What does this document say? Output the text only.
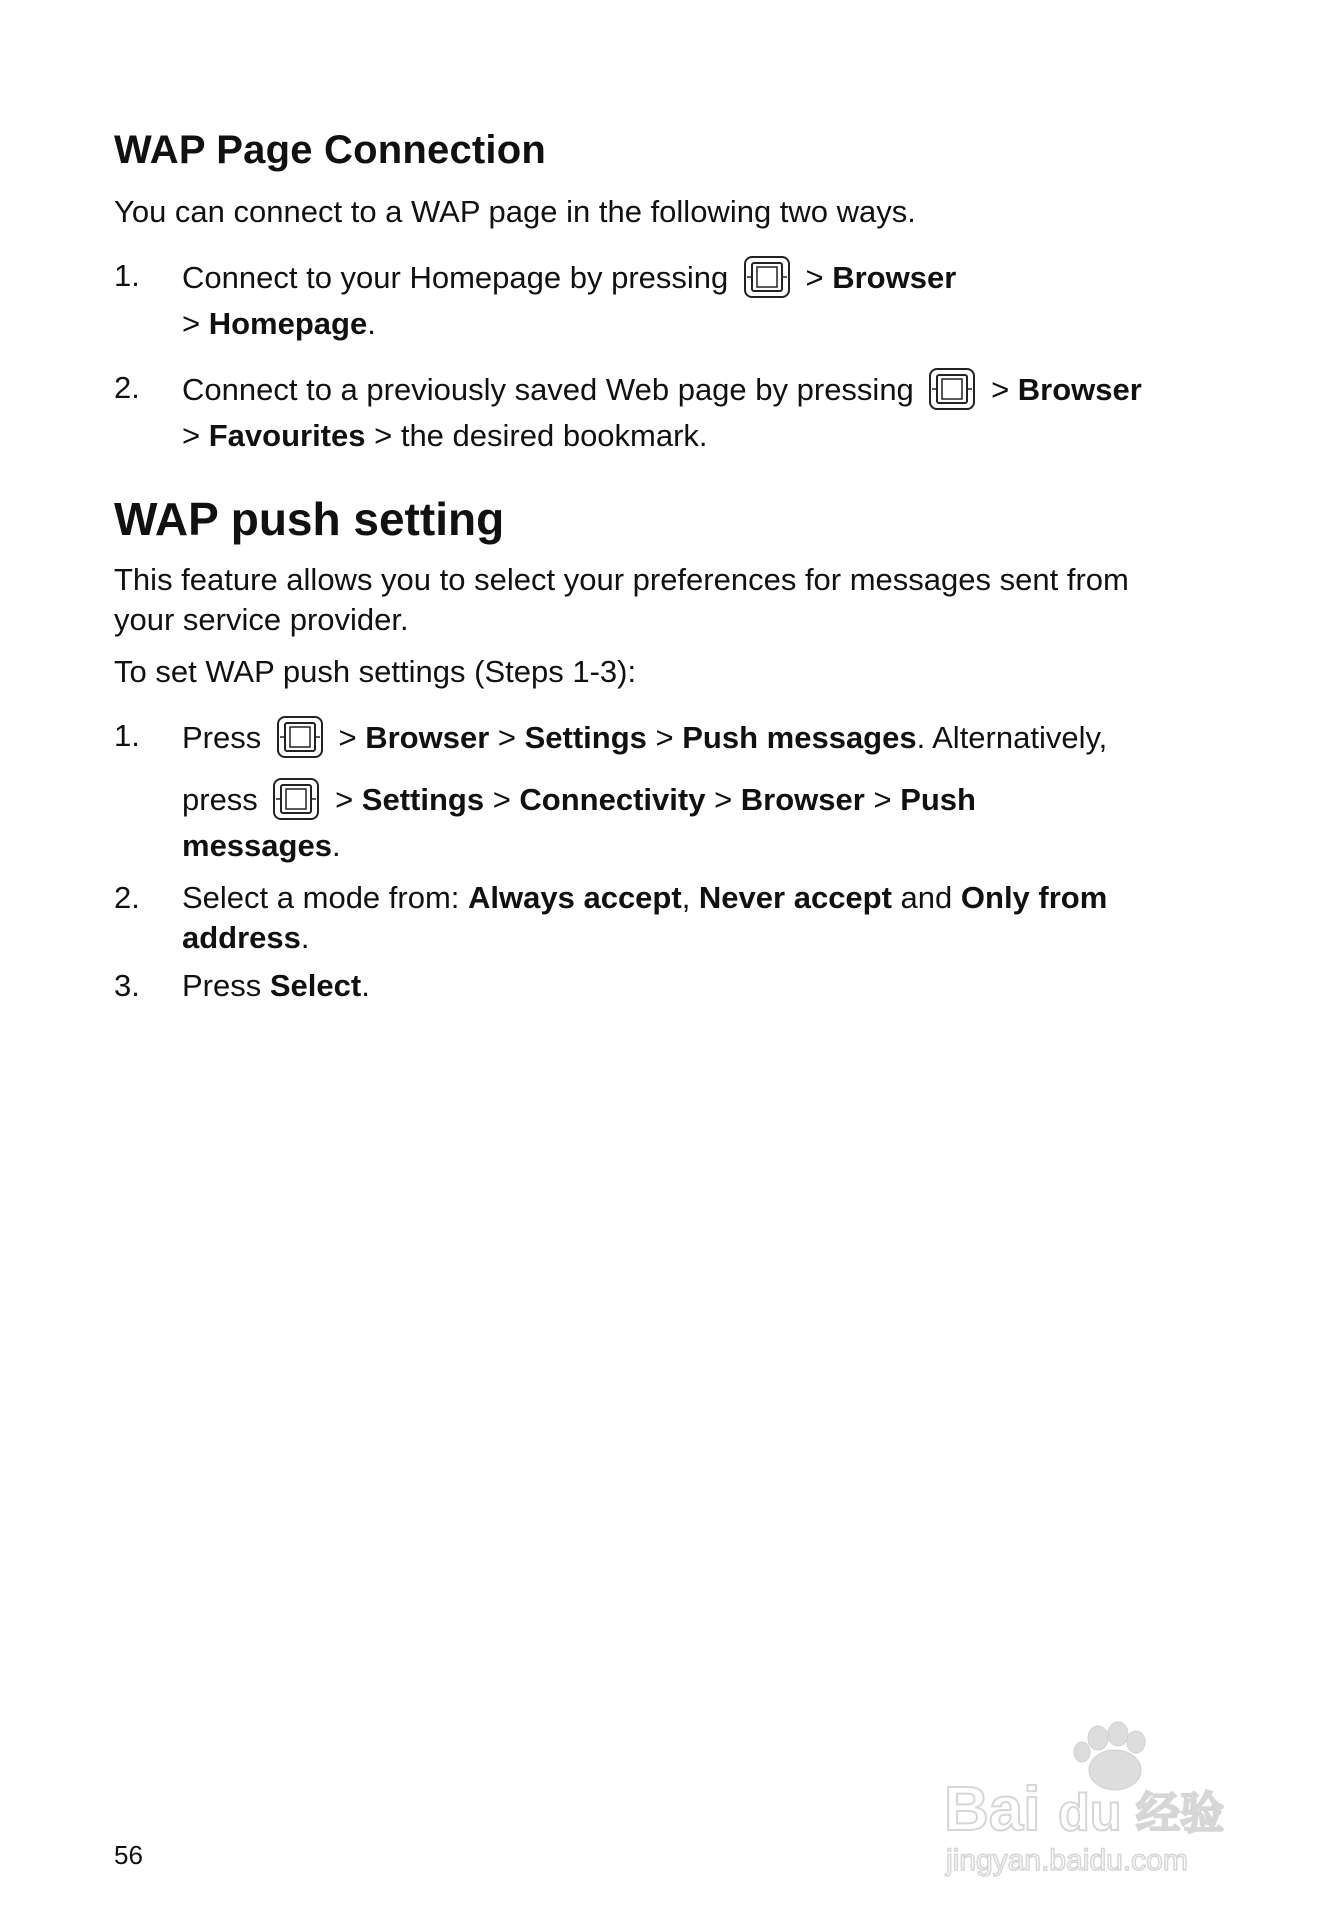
WAP Page Connection
You can connect to a WAP page in the following two ways.
1. Connect to your Homepage by pressing > Browser
> Homepage.
2. Connect to a previously saved Web page by pressing > Browser
> Favourites > the desired bookmark.
WAP push setting
This feature allows you to select your preferences for messages sent from
your service provider.
To set WAP push settings (Steps 1-3):
1. Press
> Browser > Settings > Push messages. Alternatively,
press
> Settings > Connectivity > Browser > Push
messages.
2. Select a mode from: Always accept, Never accept and Only from
address.
3. Press Select.
56
Bai du 经验
jingyan.baidu.com
